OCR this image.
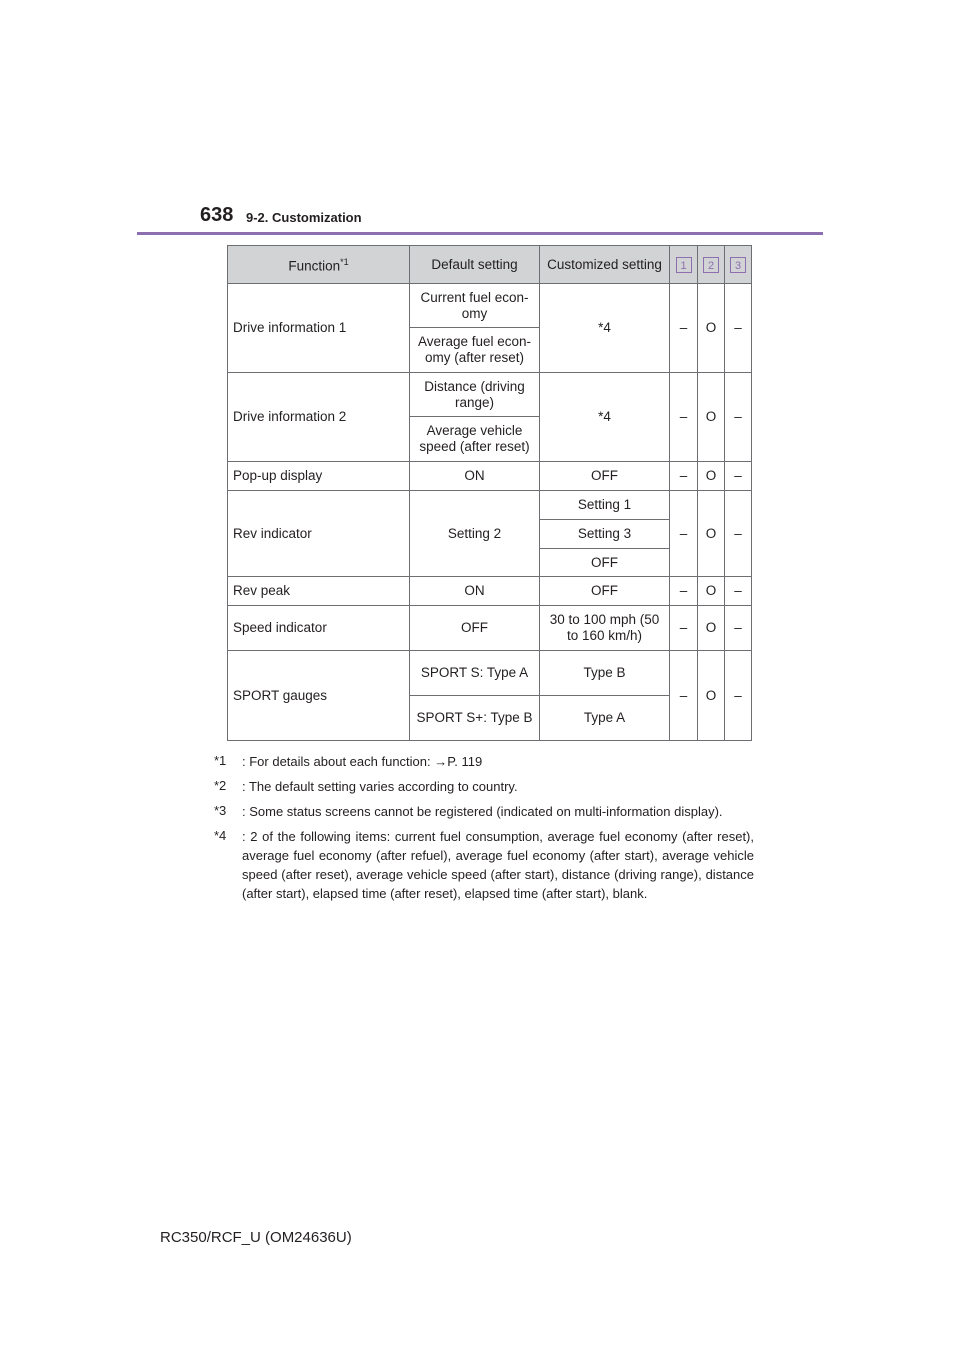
638 9-2. Customization
Function$^{*1}$	Default setting	Customized setting	1	2	3
Drive information 1	Current fuel econ-omy	*4	–	O	–
	Average fuel econ-omy (after reset)				
Drive information 2	Distance (driving range)	*4	–	O	–
	Average vehicle speed (after reset)				
Pop-up display	ON	OFF	–	O	–
Rev indicator	Setting 2	Setting 1	–	O	–
		Setting 3			
		OFF			
Rev peak	ON	OFF	–	O	–
Speed indicator	OFF	30 to 100 mph (50 to 160 km/h)	–	O	–
SPORT gauges	SPORT S: Type A	Type B	–	O	–
	SPORT S+: Type B	Type A			
*1 : For details about each function: →P. 119
*2 : The default setting varies according to country.
*3 : Some status screens cannot be registered (indicated on multi-information display).
*4 : 2 of the following items: current fuel consumption, average fuel economy (after reset), average fuel economy (after refuel), average fuel economy (after start), average vehicle speed (after reset), average vehicle speed (after start), distance (driving range), distance (after start), elapsed time (after reset), elapsed time (after start), blank.
RC350/RCF_U (OM24636U)
